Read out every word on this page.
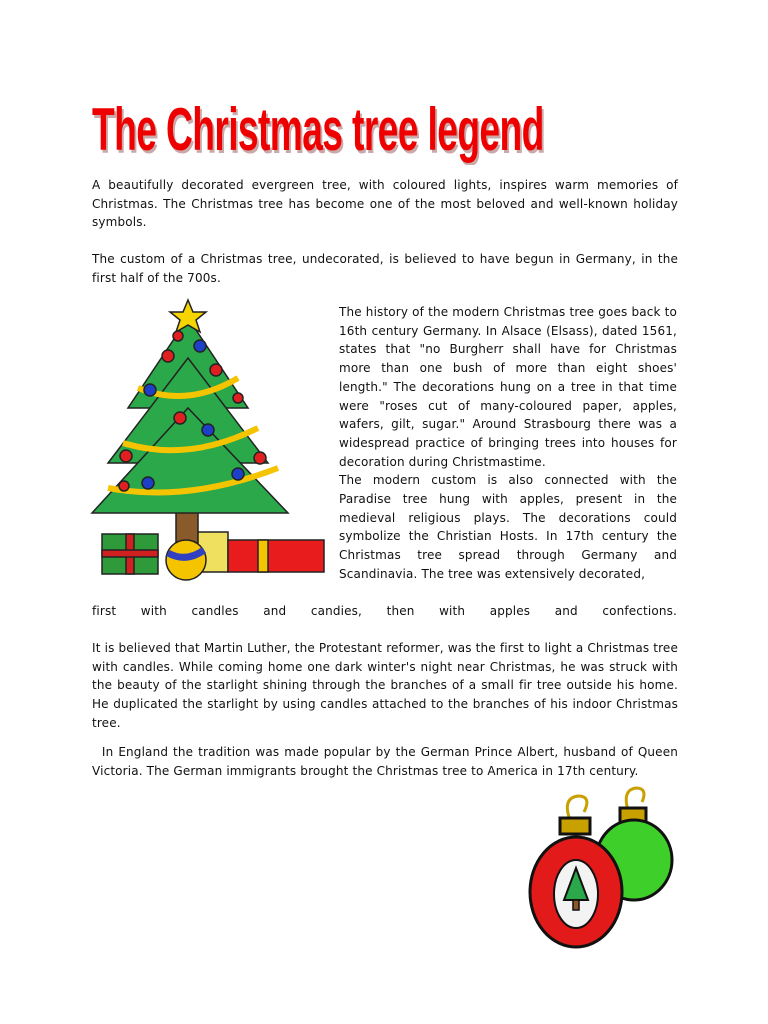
The Christmas tree legend
A beautifully decorated evergreen tree, with coloured lights, inspires warm memories of Christmas. The Christmas tree has become one of the most beloved and well-known holiday symbols.
The custom of a Christmas tree, undecorated, is believed to have begun in Germany, in the first half of the 700s.
The history of the modern Christmas tree goes back to 16th century Germany. In Alsace (Elsass), dated 1561, states that "no Burgherr shall have for Christmas more than one bush of more than eight shoes' length." The decorations hung on a tree in that time were "roses cut of many-coloured paper, apples, wafers, gilt, sugar." Around Strasbourg there was a widespread practice of bringing trees into houses for decoration during Christmastime.
The modern custom is also connected with the Paradise tree hung with apples, present in the medieval religious plays. The decorations could symbolize the Christian Hosts. In 17th century the Christmas tree spread through Germany and Scandinavia. The tree was extensively decorated,
first with candles and candies, then with apples and confections.
It is believed that Martin Luther, the Protestant reformer, was the first to light a Christmas tree with candles. While coming home one dark winter's night near Christmas, he was struck with the beauty of the starlight shining through the branches of a small fir tree outside his home. He duplicated the starlight by using candles attached to the branches of his indoor Christmas tree.
In England the tradition was made popular by the German Prince Albert, husband of Queen Victoria. The German immigrants brought the Christmas tree to America in 17th century.
